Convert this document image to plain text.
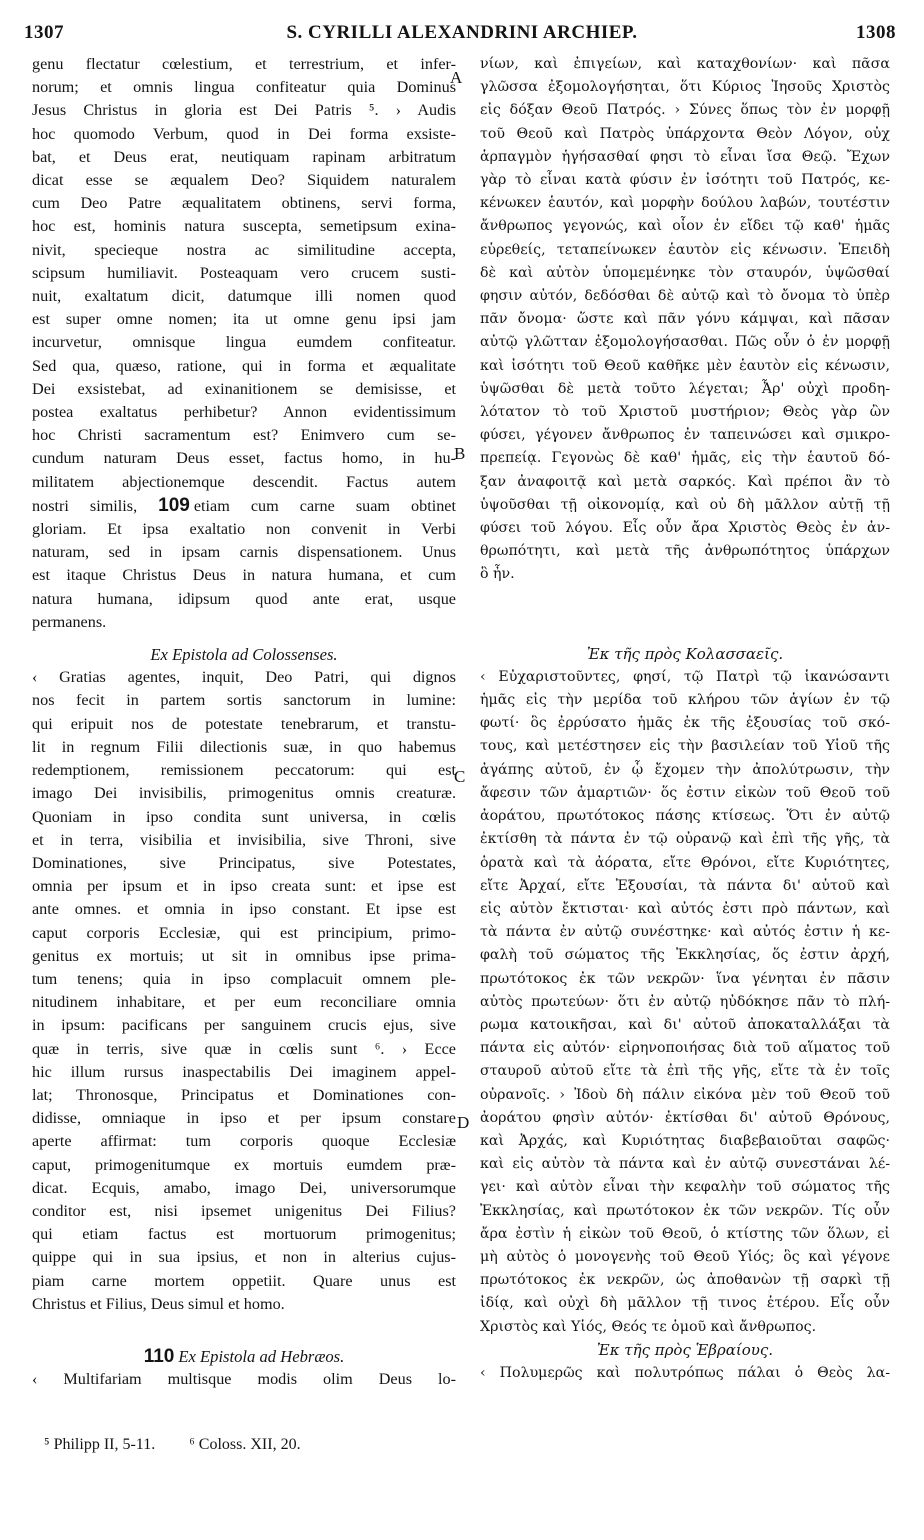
1307	S. CYRILLI ALEXANDRINI ARCHIEP.	1308
A
B
C
D
genu flectatur cœlestium, et terrestrium, et infer-
norum; et omnis lingua confiteatur quia Dominus
Jesus Christus in gloria est Dei Patris ⁵. › Audis
hoc quomodo Verbum, quod in Dei forma exsiste-
bat, et Deus erat, neutiquam rapinam arbitratum
dicat esse se æqualem Deo? Siquidem naturalem
cum Deo Patre æqualitatem obtinens, servi forma,
hoc est, hominis natura suscepta, semetipsum exina-
nivit, specieque nostra ac similitudine accepta,
scipsum humiliavit. Posteaquam vero crucem susti-
nuit, exaltatum dicit, datumque illi nomen quod
est super omne nomen; ita ut omne genu ipsi jam
incurvetur, omnisque lingua eumdem confiteatur.
Sed qua, quæso, ratione, qui in forma et æqualitate
Dei exsistebat, ad exinanitionem se demisisse, et
postea exaltatus perhibetur? Annon evidentissimum
hoc Christi sacramentum est? Enimvero cum se-
cundum naturam Deus esset, factus homo, in hu-
militatem abjectionemque descendit. Factus autem
nostri similis, 109 etiam cum carne suam obtinet
gloriam. Et ipsa exaltatio non convenit in Verbi
naturam, sed in ipsam carnis dispensationem. Unus
est itaque Christus Deus in natura humana, et cum
natura humana, idipsum quod ante erat, usque
permanens.
Ex Epistola ad Colossenses.
‹ Gratias agentes, inquit, Deo Patri, qui dignos
nos fecit in partem sortis sanctorum in lumine:
qui eripuit nos de potestate tenebrarum, et transtu-
lit in regnum Filii dilectionis suæ, in quo habemus
redemptionem, remissionem peccatorum: qui est
imago Dei invisibilis, primogenitus omnis creaturæ.
Quoniam in ipso condita sunt universa, in cœlis
et in terra, visibilia et invisibilia, sive Throni, sive
Dominationes, sive Principatus, sive Potestates,
omnia per ipsum et in ipso creata sunt: et ipse est
ante omnes. et omnia in ipso constant. Et ipse est
caput corporis Ecclesiæ, qui est principium, primo-
genitus ex mortuis; ut sit in omnibus ipse prima-
tum tenens; quia in ipso complacuit omnem ple-
nitudinem inhabitare, et per eum reconciliare omnia
in ipsum: pacificans per sanguinem crucis ejus, sive
quæ in terris, sive quæ in cœlis sunt ⁶. › Ecce
hic illum rursus inaspectabilis Dei imaginem appel-
lat; Thronosque, Principatus et Dominationes con-
didisse, omniaque in ipso et per ipsum constare
aperte affirmat: tum corporis quoque Ecclesiæ
caput, primogenitumque ex mortuis eumdem præ-
dicat. Ecquis, amabo, imago Dei, universorumque
conditor est, nisi ipsemet unigenitus Dei Filius?
qui etiam factus est mortuorum primogenitus;
quippe qui in sua ipsius, et non in alterius cujus-
piam carne mortem oppetiit. Quare unus est
Christus et Filius, Deus simul et homo.
110 Ex Epistola ad Hebræos.
‹ Multifariam multisque modis olim Deus lo-
νίων, καὶ ἐπιγείων, καὶ καταχθονίων· καὶ πᾶσα
γλῶσσα ἐξομολογήσηται, ὅτι Κύριος Ἰησοῦς Χριστὸς
εἰς δόξαν Θεοῦ Πατρός. › Σύνες ὅπως τὸν ἐν μορφῇ
τοῦ Θεοῦ καὶ Πατρὸς ὑπάρχοντα Θεὸν Λόγον, οὐχ
ἁρπαγμὸν ἡγήσασθαί φησι τὸ εἶναι ἴσα Θεῷ. Ἔχων
γὰρ τὸ εἶναι κατὰ φύσιν ἐν ἰσότητι τοῦ Πατρός, κε-
κένωκεν ἑαυτόν, καὶ μορφὴν δούλου λαβών, τουτέστιν
ἄνθρωπος γεγονώς, καὶ οἷον ἐν εἴδει τῷ καθ' ἡμᾶς
εὑρεθείς, τεταπείνωκεν ἑαυτὸν εἰς κένωσιν. Ἐπειδὴ
δὲ καὶ αὐτὸν ὑπομεμένηκε τὸν σταυρόν, ὑψῶσθαί
φησιν αὐτόν, δεδόσθαι δὲ αὐτῷ καὶ τὸ ὄνομα τὸ ὑπὲρ
πᾶν ὄνομα· ὥστε καὶ πᾶν γόνυ κάμψαι, καὶ πᾶσαν
αὐτῷ γλῶτταν ἐξομολογήσασθαι. Πῶς οὖν ὁ ἐν μορφῇ
καὶ ἰσότητι τοῦ Θεοῦ καθῆκε μὲν ἑαυτὸν εἰς κένωσιν,
ὑψῶσθαι δὲ μετὰ τοῦτο λέγεται; Ἆρ' οὐχὶ προδη-
λότατον τὸ τοῦ Χριστοῦ μυστήριον; Θεὸς γὰρ ὢν
φύσει, γέγονεν ἄνθρωπος ἐν ταπεινώσει καὶ σμικρο-
πρεπείᾳ. Γεγονὼς δὲ καθ' ἡμᾶς, εἰς τὴν ἑαυτοῦ δό-
ξαν ἀναφοιτᾷ καὶ μετὰ σαρκός. Καὶ πρέποι ἂν τὸ
ὑψοῦσθαι τῇ οἰκονομίᾳ, καὶ οὐ δὴ μᾶλλον αὐτῇ τῇ
φύσει τοῦ λόγου. Εἷς οὖν ἄρα Χριστὸς Θεὸς ἐν ἀν-
θρωπότητι, καὶ μετὰ τῆς ἀνθρωπότητος ὑπάρχων
ὃ ἦν.
Ἐκ τῆς πρὸς Κολασσαεῖς.
‹ Εὐχαριστοῦντες, φησί, τῷ Πατρὶ τῷ ἱκανώσαντι
ἡμᾶς εἰς τὴν μερίδα τοῦ κλήρου τῶν ἁγίων ἐν τῷ
φωτί· ὃς ἐρρύσατο ἡμᾶς ἐκ τῆς ἐξουσίας τοῦ σκό-
τους, καὶ μετέστησεν εἰς τὴν βασιλείαν τοῦ Υἱοῦ τῆς
ἀγάπης αὐτοῦ, ἐν ᾧ ἔχομεν τὴν ἀπολύτρωσιν, τὴν
ἄφεσιν τῶν ἁμαρτιῶν· ὅς ἐστιν εἰκὼν τοῦ Θεοῦ τοῦ
ἀοράτου, πρωτότοκος πάσης κτίσεως. Ὅτι ἐν αὐτῷ
ἐκτίσθη τὰ πάντα ἐν τῷ οὐρανῷ καὶ ἐπὶ τῆς γῆς, τὰ
ὁρατὰ καὶ τὰ ἀόρατα, εἴτε Θρόνοι, εἴτε Κυριότητες,
εἴτε Ἀρχαί, εἴτε Ἐξουσίαι, τὰ πάντα δι' αὐτοῦ καὶ
εἰς αὐτὸν ἔκτισται· καὶ αὐτός ἐστι πρὸ πάντων, καὶ
τὰ πάντα ἐν αὐτῷ συνέστηκε· καὶ αὐτός ἐστιν ἡ κε-
φαλὴ τοῦ σώματος τῆς Ἐκκλησίας, ὅς ἐστιν ἀρχή,
πρωτότοκος ἐκ τῶν νεκρῶν· ἵνα γένηται ἐν πᾶσιν
αὐτὸς πρωτεύων· ὅτι ἐν αὐτῷ ηὐδόκησε πᾶν τὸ πλή-
ρωμα κατοικῆσαι, καὶ δι' αὐτοῦ ἀποκαταλλάξαι τὰ
πάντα εἰς αὐτόν· εἰρηνοποιήσας διὰ τοῦ αἵματος τοῦ
σταυροῦ αὐτοῦ εἴτε τὰ ἐπὶ τῆς γῆς, εἴτε τὰ ἐν τοῖς
οὐρανοῖς. › Ἰδοὺ δὴ πάλιν εἰκόνα μὲν τοῦ Θεοῦ τοῦ
ἀοράτου φησὶν αὐτόν· ἐκτίσθαι δι' αὐτοῦ Θρόνους,
καὶ Ἀρχάς, καὶ Κυριότητας διαβεβαιοῦται σαφῶς·
καὶ εἰς αὐτὸν τὰ πάντα καὶ ἐν αὐτῷ συνεστάναι λέ-
γει· καὶ αὐτὸν εἶναι τὴν κεφαλὴν τοῦ σώματος τῆς
Ἐκκλησίας, καὶ πρωτότοκον ἐκ τῶν νεκρῶν. Τίς οὖν
ἄρα ἐστὶν ἡ εἰκὼν τοῦ Θεοῦ, ὁ κτίστης τῶν ὅλων, εἰ
μὴ αὐτὸς ὁ μονογενὴς τοῦ Θεοῦ Υἱός; ὃς καὶ γέγονε
πρωτότοκος ἐκ νεκρῶν, ὡς ἀποθανὼν τῇ σαρκὶ τῇ
ἰδίᾳ, καὶ οὐχὶ δὴ μᾶλλον τῇ τινος ἑτέρου. Εἷς οὖν
Χριστὸς καὶ Υἱός, Θεός τε ὁμοῦ καὶ ἄνθρωπος.
Ἐκ τῆς πρὸς Ἑβραίους.
‹ Πολυμερῶς καὶ πολυτρόπως πάλαι ὁ Θεὸς λα-
⁵ Philipp II, 5-11. ⁶ Coloss. XII, 20.
